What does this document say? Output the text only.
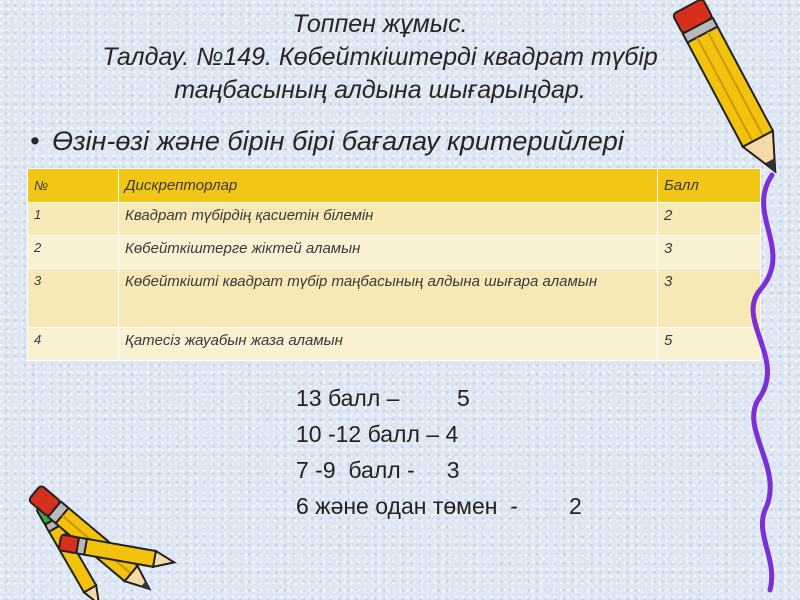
Топпен жұмыс.
Талдау. №149. Көбейткіштерді квадрат түбір
таңбасының алдына шығарыңдар.
• Өзін-өзі және бірін бірі бағалау критерийлері
№	Дискрепторлар	Балл
1	Квадрат түбірдің қасиетін білемін	2
2	Көбейткіштерге жіктей аламын	3
3	Көбейткішті квадрат түбір таңбасының алдына шығара аламын	3
4	Қатесіз жауабын жаза аламын	5
13 балл –         5
10 -12 балл – 4
7 -9  балл -     3
6 және одан төмен  -        2
